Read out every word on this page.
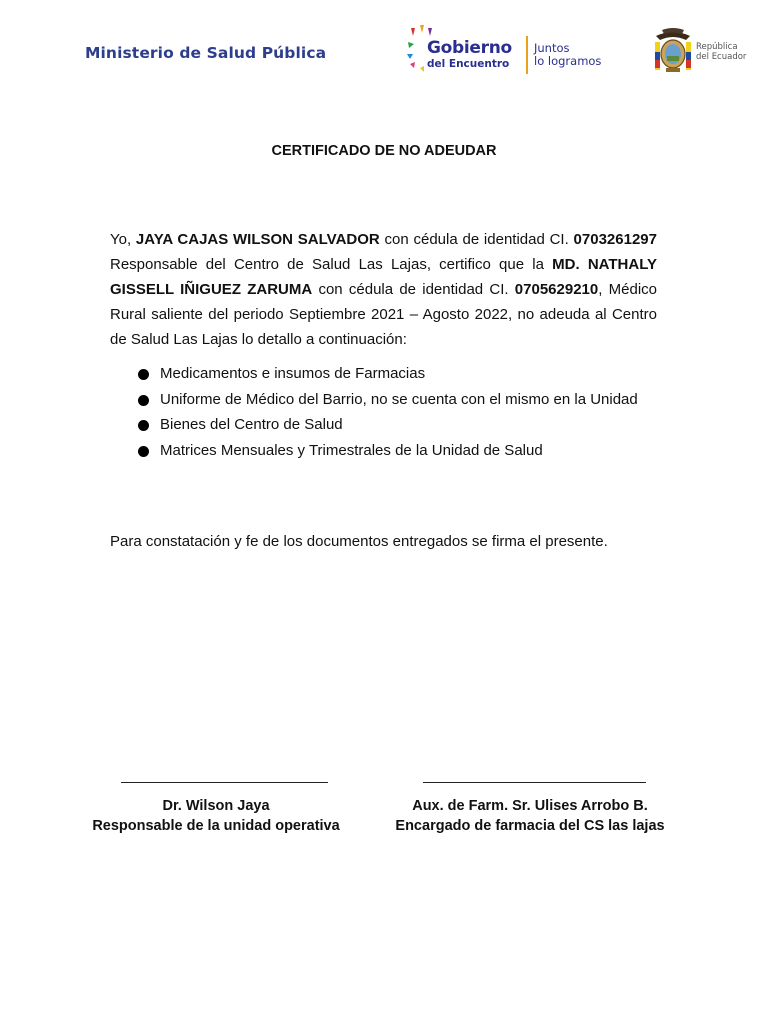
Ministerio de Salud Pública	Gobierno
del Encuentro
Juntos
lo logramos
República
del Ecuador
CERTIFICADO DE NO ADEUDAR
Yo, JAYA CAJAS WILSON SALVADOR con cédula de identidad CI. 0703261297 Responsable del Centro de Salud Las Lajas, certifico que la MD. NATHALY GISSELL IÑIGUEZ ZARUMA con cédula de identidad CI. 0705629210, Médico Rural saliente del periodo Septiembre 2021 – Agosto 2022, no adeuda al Centro de Salud Las Lajas lo detallo a continuación:
Medicamentos e insumos de Farmacias
Uniforme de Médico del Barrio, no se cuenta con el mismo en la Unidad
Bienes del Centro de Salud
Matrices Mensuales y Trimestrales de la Unidad de Salud
Para constatación y fe de los documentos entregados se firma el presente.
Dr. Wilson Jaya
Responsable de la unidad operativa
Aux. de Farm. Sr. Ulises Arrobo B.
Encargado de farmacia del CS las lajas
